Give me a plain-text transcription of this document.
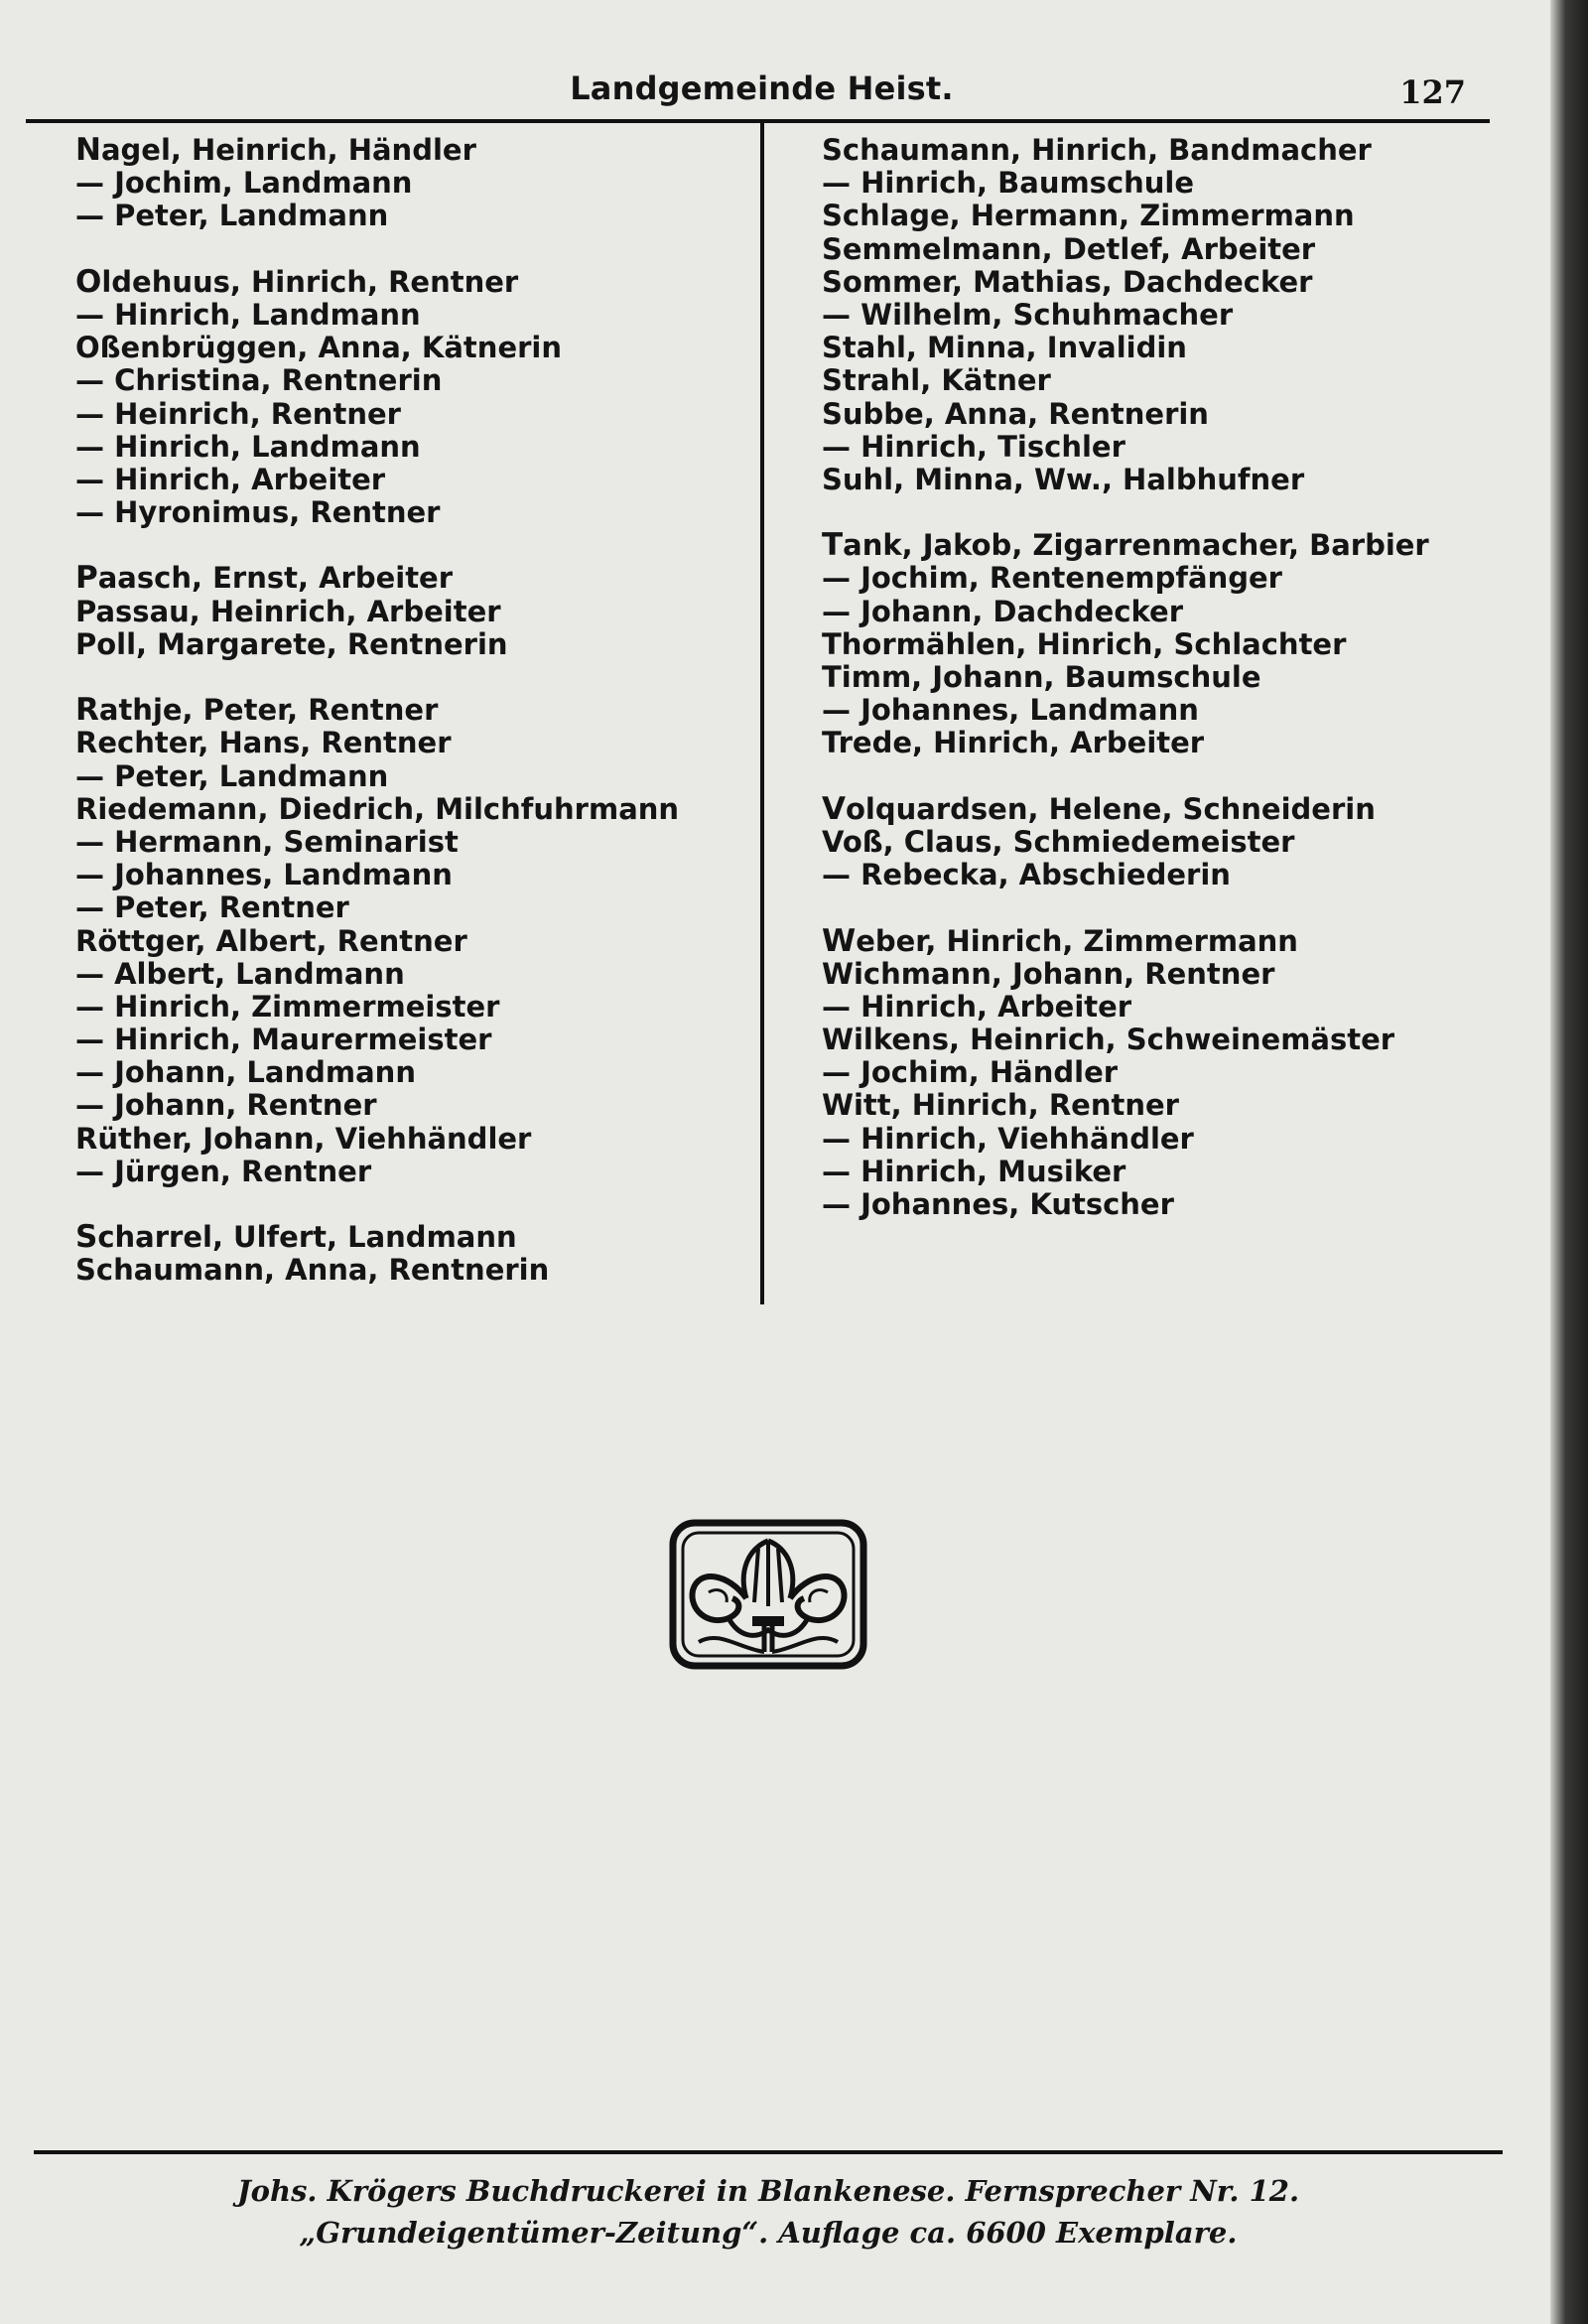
Landgemeinde Heist.	127
Nagel, Heinrich, Händler
— Jochim, Landmann
— Peter, Landmann
Oldehuus, Hinrich, Rentner
— Hinrich, Landmann
Oßenbrüggen, Anna, Kätnerin
— Christina, Rentnerin
— Heinrich, Rentner
— Hinrich, Landmann
— Hinrich, Arbeiter
— Hyronimus, Rentner
Paasch, Ernst, Arbeiter
Passau, Heinrich, Arbeiter
Poll, Margarete, Rentnerin
Rathje, Peter, Rentner
Rechter, Hans, Rentner
— Peter, Landmann
Riedemann, Diedrich, Milchfuhrmann
— Hermann, Seminarist
— Johannes, Landmann
— Peter, Rentner
Röttger, Albert, Rentner
— Albert, Landmann
— Hinrich, Zimmermeister
— Hinrich, Maurermeister
— Johann, Landmann
— Johann, Rentner
Rüther, Johann, Viehhändler
— Jürgen, Rentner
Scharrel, Ulfert, Landmann
Schaumann, Anna, Rentnerin
Schaumann, Hinrich, Bandmacher
— Hinrich, Baumschule
Schlage, Hermann, Zimmermann
Semmelmann, Detlef, Arbeiter
Sommer, Mathias, Dachdecker
— Wilhelm, Schuhmacher
Stahl, Minna, Invalidin
Strahl, Kätner
Subbe, Anna, Rentnerin
— Hinrich, Tischler
Suhl, Minna, Ww., Halbhufner
Tank, Jakob, Zigarrenmacher, Barbier
— Jochim, Rentenempfänger
— Johann, Dachdecker
Thormählen, Hinrich, Schlachter
Timm, Johann, Baumschule
— Johannes, Landmann
Trede, Hinrich, Arbeiter
Volquardsen, Helene, Schneiderin
Voß, Claus, Schmiedemeister
— Rebecka, Abschiederin
Weber, Hinrich, Zimmermann
Wichmann, Johann, Rentner
— Hinrich, Arbeiter
Wilkens, Heinrich, Schweinemäster
— Jochim, Händler
Witt, Hinrich, Rentner
— Hinrich, Viehhändler
— Hinrich, Musiker
— Johannes, Kutscher
Johs. Krögers Buchdruckerei in Blankenese. Fernsprecher Nr. 12.
„Grundeigentümer-Zeitung“. Auflage ca. 6600 Exemplare.
